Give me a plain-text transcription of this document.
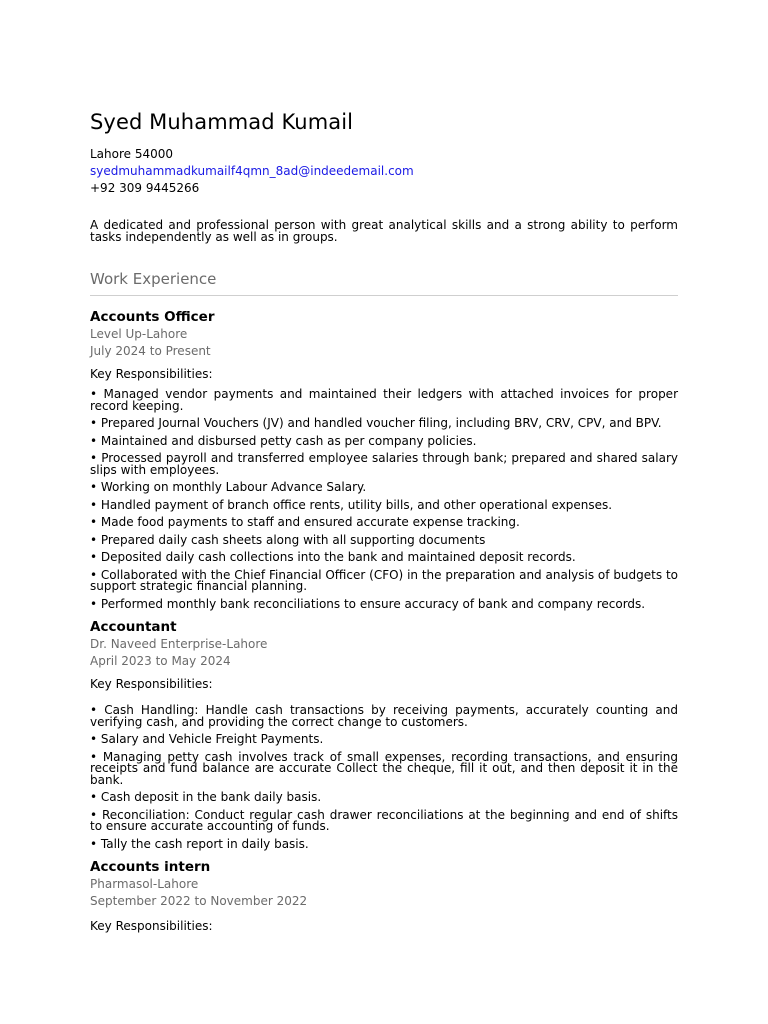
Syed Muhammad Kumail
Lahore 54000
syedmuhammadkumailf4qmn_8ad@indeedemail.com
+92 309 9445266
A dedicated and professional person with great analytical skills and a strong ability to perform tasks independently as well as in groups.
Work Experience
Accounts Officer
Level Up-Lahore
July 2024 to Present
Key Responsibilities:
• Managed vendor payments and maintained their ledgers with attached invoices for proper record keeping.
• Prepared Journal Vouchers (JV) and handled voucher filing, including BRV, CRV, CPV, and BPV.
• Maintained and disbursed petty cash as per company policies.
• Processed payroll and transferred employee salaries through bank; prepared and shared salary slips with employees.
• Working on monthly Labour Advance Salary.
• Handled payment of branch office rents, utility bills, and other operational expenses.
• Made food payments to staff and ensured accurate expense tracking.
• Prepared daily cash sheets along with all supporting documents
• Deposited daily cash collections into the bank and maintained deposit records.
• Collaborated with the Chief Financial Officer (CFO) in the preparation and analysis of budgets to support strategic financial planning.
• Performed monthly bank reconciliations to ensure accuracy of bank and company records.
Accountant
Dr. Naveed Enterprise-Lahore
April 2023 to May 2024
Key Responsibilities:
• Cash Handling: Handle cash transactions by receiving payments, accurately counting and verifying cash, and providing the correct change to customers.
• Salary and Vehicle Freight Payments.
• Managing petty cash involves track of small expenses, recording transactions, and ensuring receipts and fund balance are accurate Collect the cheque, fill it out, and then deposit it in the bank.
• Cash deposit in the bank daily basis.
• Reconciliation: Conduct regular cash drawer reconciliations at the beginning and end of shifts to ensure accurate accounting of funds.
• Tally the cash report in daily basis.
Accounts intern
Pharmasol-Lahore
September 2022 to November 2022
Key Responsibilities:
